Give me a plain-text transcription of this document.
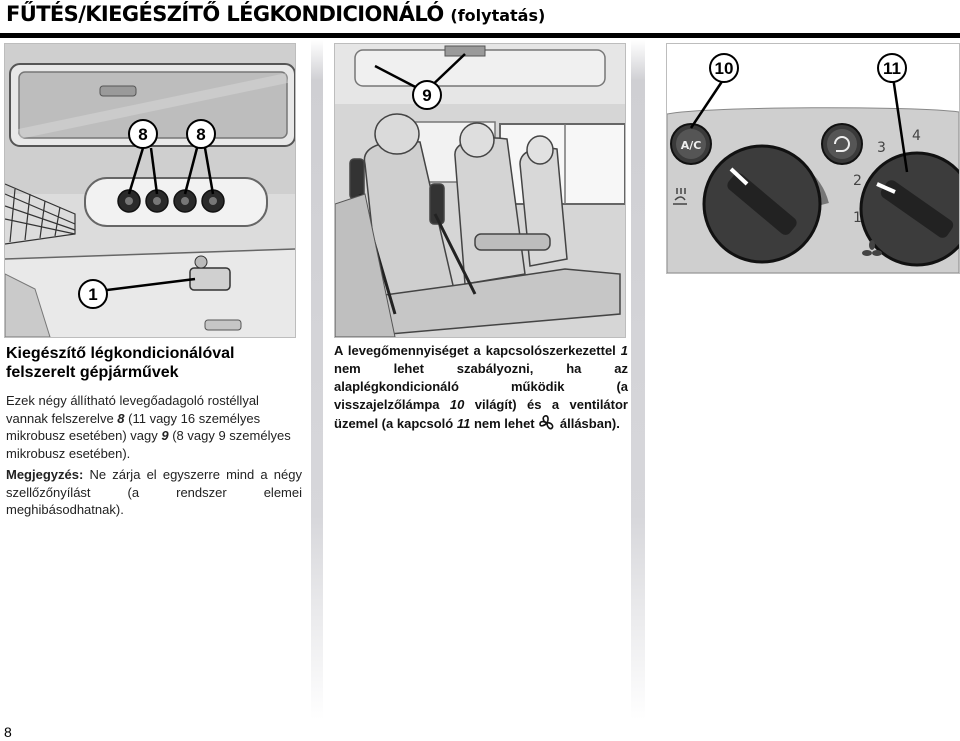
FŰTÉS/KIEGÉSZÍTŐ LÉGKONDICIONÁLÓ (folytatás)
8	8
1
9
A/C
1
2
3
4
10	11
Kiegészítő légkondicionálóval felszerelt gépjárművek

Ezek négy állítható levegőadagoló rostéllyal vannak felszerelve 8 (11 vagy 16 személyes mikrobusz esetében) vagy 9 (8 vagy 9 személyes mikrobusz esetében).

Megjegyzés: Ne zárja el egyszerre mind a négy szellőzőnyílást (a rendszer elemei meghibásodhatnak).

A levegőmennyiséget a kapcsolószerkezettel 1 nem lehet szabályozni, ha az alaplégkondicionáló működik (a visszajelzőlámpa 10 világít) és a ventilátor üzemel (a kapcsoló 11 nem lehet  állásban).

8
